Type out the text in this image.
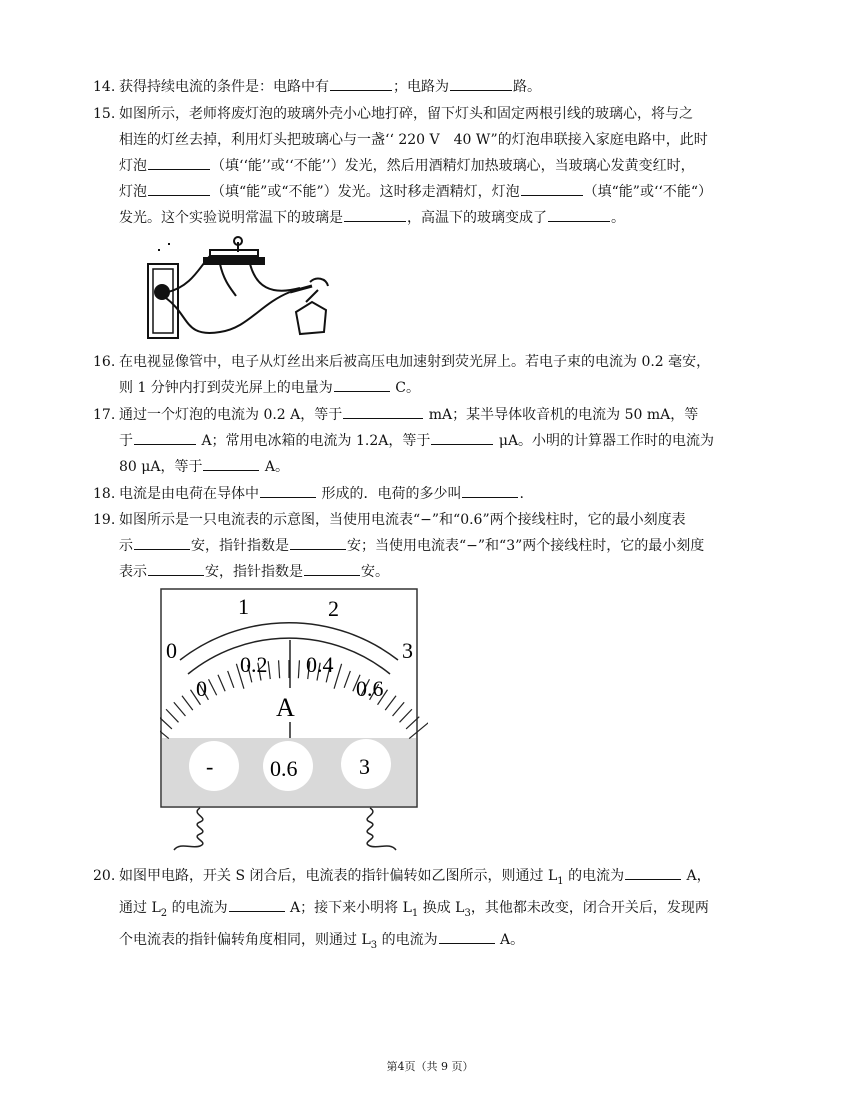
14. 获得持续电流的条件是：电路中有	；电路为	路。
15. 如图所示，老师将废灯泡的玻璃外壳小心地打碎，留下灯头和固定两根引线的玻璃心，将与之
相连的灯丝去掉，利用灯头把玻璃心与一盏‘‘ 220 V　40 W”的灯泡串联接入家庭电路中，此时
灯泡	（填‘‘能’’或‘‘不能’’）发光，然后用酒精灯加热玻璃心，当玻璃心发黄变红时，
灯泡	（填“能”或“不能”）发光。这时移走酒精灯，灯泡	（填“能”或‘‘不能“）
发光。这个实验说明常温下的玻璃是	，高温下的玻璃变成了	。
16. 在电视显像管中，电子从灯丝出来后被高压电加速射到荧光屏上。若电子束的电流为 0.2 毫安，
则 1 分钟内打到荧光屏上的电量为	C。
17. 通过一个灯泡的电流为 0.2 A，等于	mA；某半导体收音机的电流为 50 mA，等
于	A；常用电冰箱的电流为 1.2A，等于	μA。小明的计算器工作时的电流为
80 μA，等于	A。
18. 电流是由电荷在导体中	形成的．电荷的多少叫	.
19. 如图所示是一只电流表的示意图，当使用电流表“−”和“0.6”两个接线柱时，它的最小刻度表
示	安，指针指数是	安；当使用电流表“−”和“3”两个接线柱时，它的最小刻度
表示	安，指针指数是	安。
0
1	2
3
0
0.2 0.4
0.6
A
-	0.6	3
20. 如图甲电路，开关 S 闭合后，电流表的指针偏转如乙图所示，则通过 $L_1$ 的电流为	A，
通过 $L_2$ 的电流为	A；接下来小明将 $L_1$ 换成 $L_3$，其他都未改变，闭合开关后，发现两
个电流表的指针偏转角度相同，则通过 $L_3$ 的电流为	A。
第4页（共 9 页）
